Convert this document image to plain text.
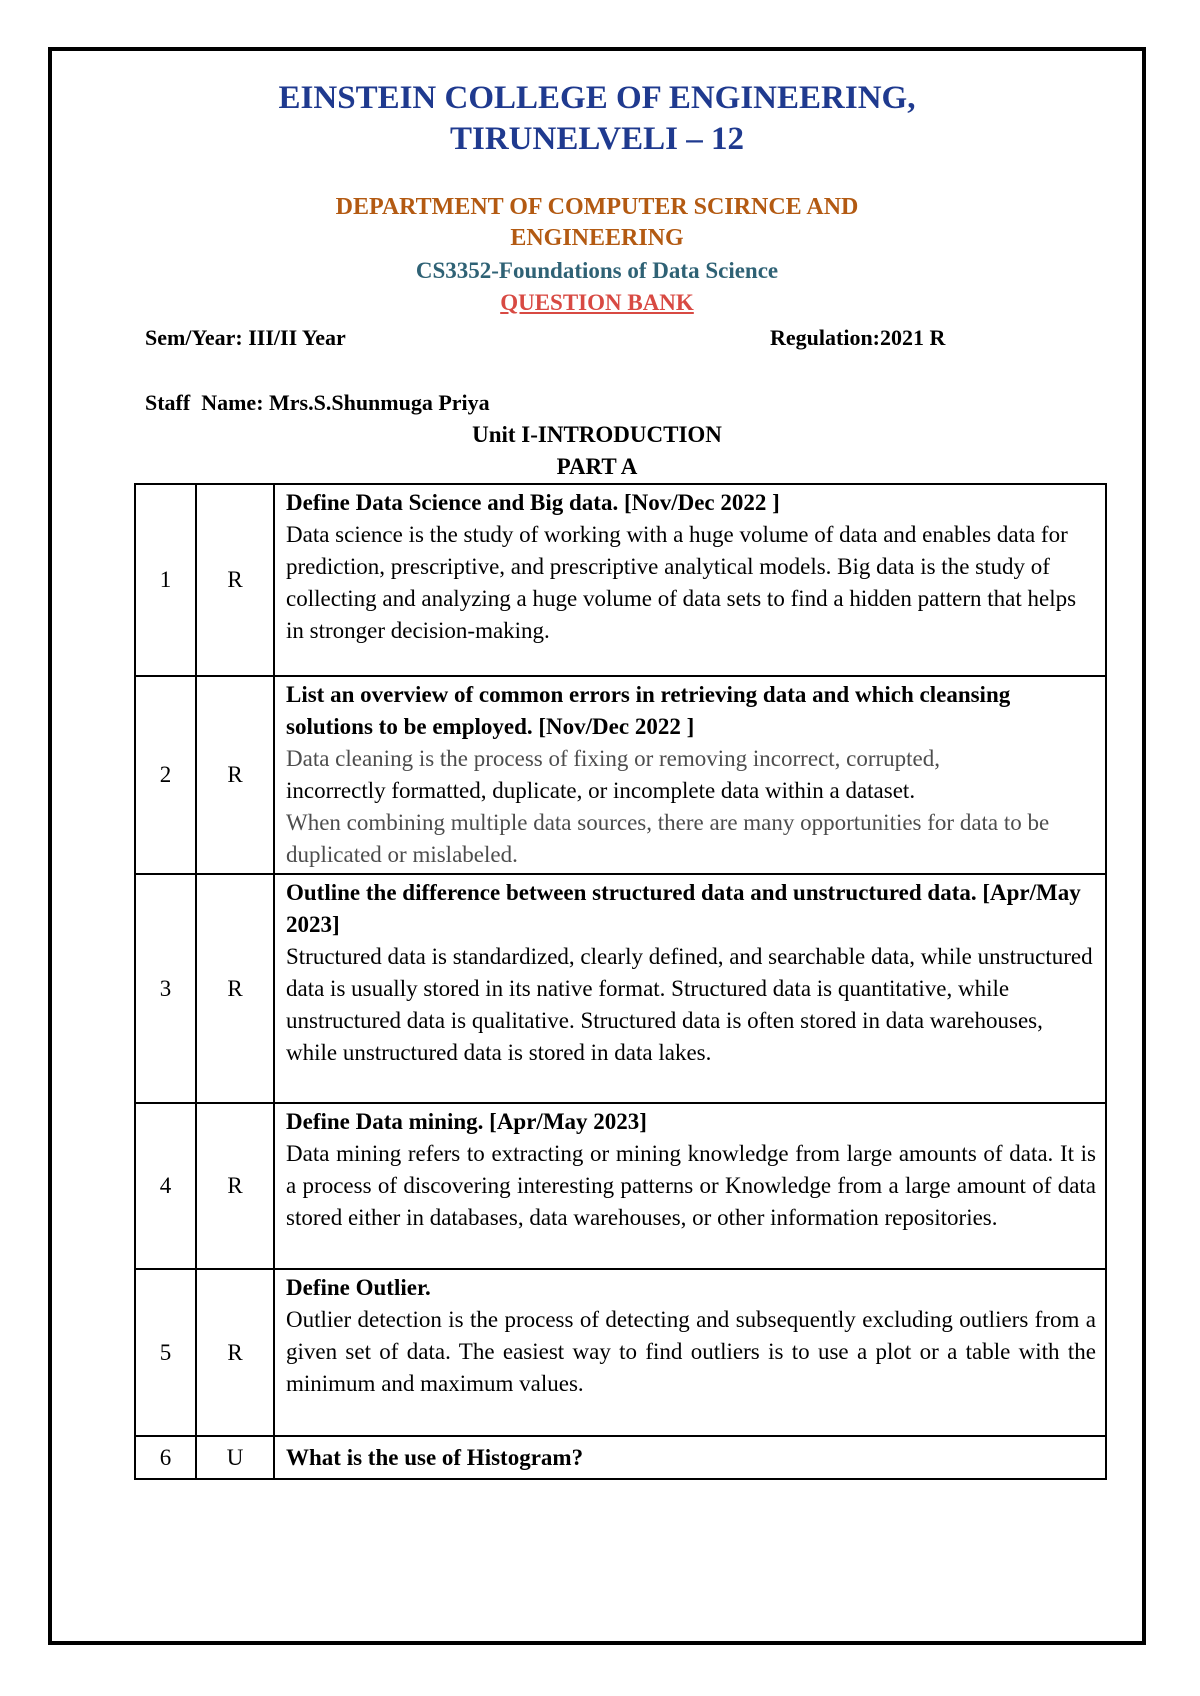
EINSTEIN COLLEGE OF ENGINEERING,
TIRUNELVELI – 12
DEPARTMENT OF COMPUTER SCIRNCE AND
ENGINEERING
CS3352-Foundations of Data Science
QUESTION BANK
Sem/Year: III/II Year	Regulation:2021 R
Staff  Name: Mrs.S.Shunmuga Priya
Unit I-INTRODUCTION
PART A
1	R	Define Data Science and Big data. [Nov/Dec 2022 ]
Data science is the study of working with a huge volume of data and enables data for prediction, prescriptive, and prescriptive analytical models. Big data is the study of collecting and analyzing a huge volume of data sets to find a hidden pattern that helps in stronger decision-making.

2	R	List an overview of common errors in retrieving data and which cleansing solutions to be employed. [Nov/Dec 2022 ]
Data cleaning is the process of fixing or removing incorrect, corrupted,
incorrectly formatted, duplicate, or incomplete data within a dataset.
When combining multiple data sources, there are many opportunities for data to be duplicated or mislabeled.

3	R	Outline the difference between structured data and unstructured data. [Apr/May 2023]
Structured data is standardized, clearly defined, and searchable data, while unstructured data is usually stored in its native format. Structured data is quantitative, while unstructured data is qualitative. Structured data is often stored in data warehouses, while unstructured data is stored in data lakes.

4	R	Define Data mining. [Apr/May 2023]
Data mining refers to extracting or mining knowledge from large amounts of data. It is a process of discovering interesting patterns or Knowledge from a large amount of data stored either in databases, data warehouses, or other information repositories.

5	R	Define Outlier.
Outlier detection is the process of detecting and subsequently excluding outliers from a given set of data. The easiest way to find outliers is to use a plot or a table with the minimum and maximum values.

6	U	What is the use of Histogram?
